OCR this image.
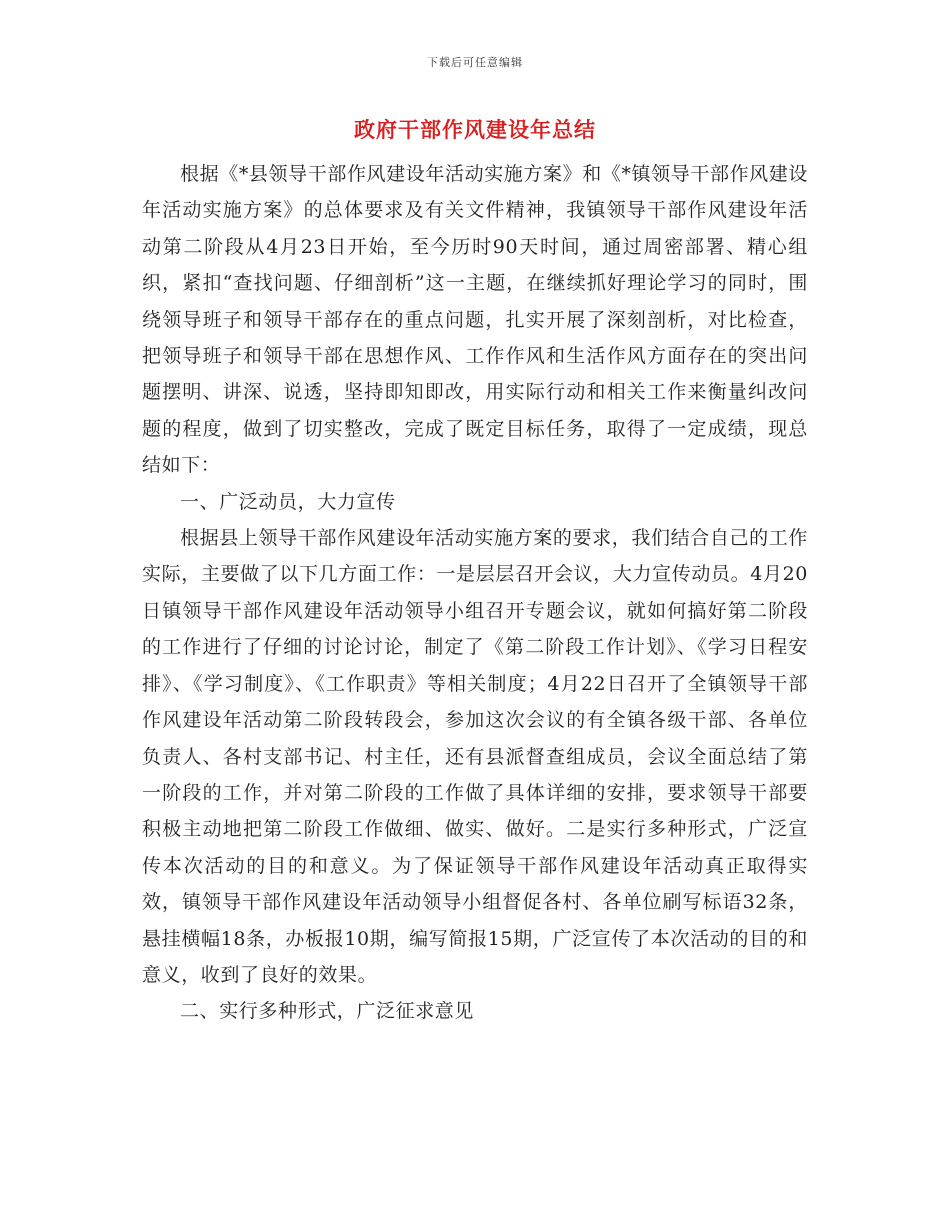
下载后可任意编辑
政府干部作风建设年总结

根据《*县领导干部作风建设年活动实施方案》和《*镇领导干部作风建设年活动实施方案》的总体要求及有关文件精神，我镇领导干部作风建设年活动第二阶段从4月23日开始，至今历时90天时间，通过周密部署、精心组织，紧扣“查找问题、仔细剖析”这一主题，在继续抓好理论学习的同时，围绕领导班子和领导干部存在的重点问题，扎实开展了深刻剖析，对比检查，把领导班子和领导干部在思想作风、工作作风和生活作风方面存在的突出问题摆明、讲深、说透，坚持即知即改，用实际行动和相关工作来衡量纠改问题的程度，做到了切实整改，完成了既定目标任务，取得了一定成绩，现总结如下：

一、广泛动员，大力宣传

根据县上领导干部作风建设年活动实施方案的要求，我们结合自己的工作实际，主要做了以下几方面工作：一是层层召开会议，大力宣传动员。4月20日镇领导干部作风建设年活动领导小组召开专题会议，就如何搞好第二阶段的工作进行了仔细的讨论讨论，制定了《第二阶段工作计划》、《学习日程安排》、《学习制度》、《工作职责》等相关制度；4月22日召开了全镇领导干部作风建设年活动第二阶段转段会，参加这次会议的有全镇各级干部、各单位负责人、各村支部书记、村主任，还有县派督查组成员，会议全面总结了第一阶段的工作，并对第二阶段的工作做了具体详细的安排，要求领导干部要积极主动地把第二阶段工作做细、做实、做好。二是实行多种形式，广泛宣传本次活动的目的和意义。为了保证领导干部作风建设年活动真正取得实效，镇领导干部作风建设年活动领导小组督促各村、各单位刷写标语32条，悬挂横幅18条，办板报10期，编写简报15期，广泛宣传了本次活动的目的和意义，收到了良好的效果。

二、实行多种形式，广泛征求意见
